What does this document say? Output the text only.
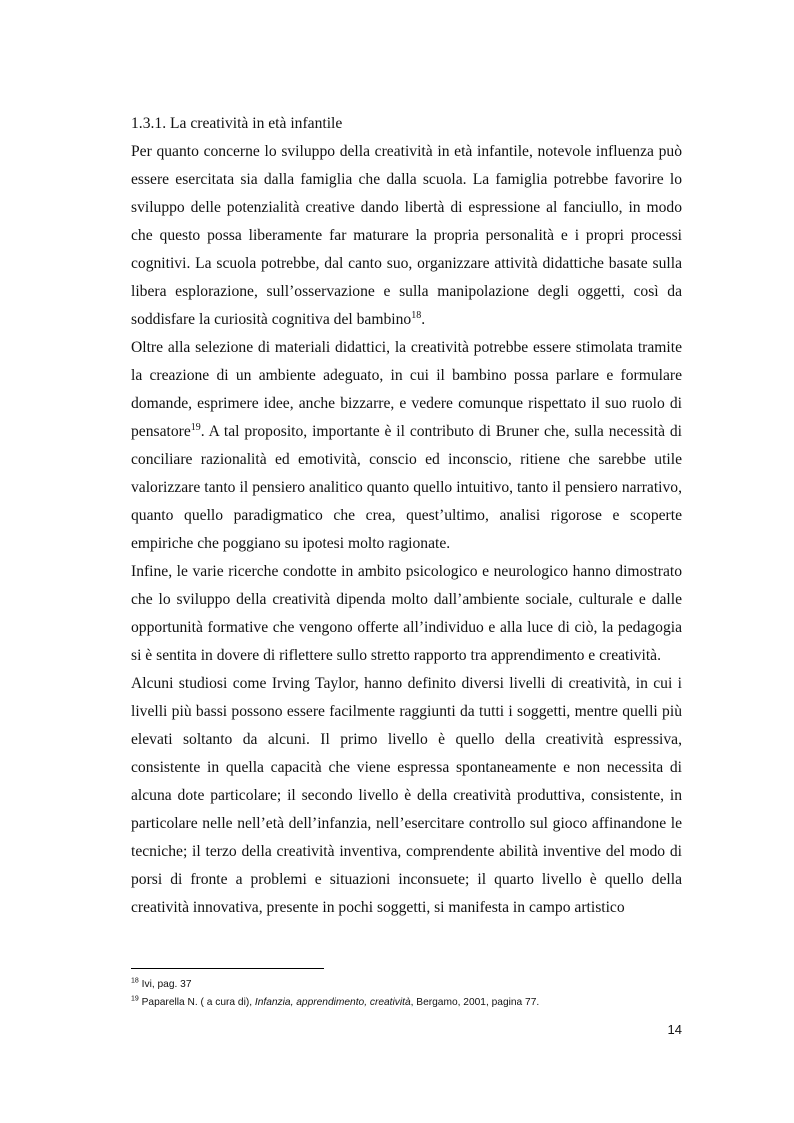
1.3.1. La creatività in età infantile

Per quanto concerne lo sviluppo della creatività in età infantile, notevole influenza può essere esercitata sia dalla famiglia che dalla scuola. La famiglia potrebbe favorire lo sviluppo delle potenzialità creative dando libertà di espressione al fanciullo, in modo che questo possa liberamente far maturare la propria personalità e i propri processi cognitivi. La scuola potrebbe, dal canto suo, organizzare attività didattiche basate sulla libera esplorazione, sull’osservazione e sulla manipolazione degli oggetti, così da soddisfare la curiosità cognitiva del bambino$^{18}$.

Oltre alla selezione di materiali didattici, la creatività potrebbe essere stimolata tramite la creazione di un ambiente adeguato, in cui il bambino possa parlare e formulare domande, esprimere idee, anche bizzarre, e vedere comunque rispettato il suo ruolo di pensatore$^{19}$. A tal proposito, importante è il contributo di Bruner che, sulla necessità di conciliare razionalità ed emotività, conscio ed inconscio, ritiene che sarebbe utile valorizzare tanto il pensiero analitico quanto quello intuitivo, tanto il pensiero narrativo, quanto quello paradigmatico che crea, quest’ultimo, analisi rigorose e scoperte empiriche che poggiano su ipotesi molto ragionate.

Infine, le varie ricerche condotte in ambito psicologico e neurologico hanno dimostrato che lo sviluppo della creatività dipenda molto dall’ambiente sociale, culturale e dalle opportunità formative che vengono offerte all’individuo e alla luce di ciò, la pedagogia si è sentita in dovere di riflettere sullo stretto rapporto tra apprendimento e creatività.

Alcuni studiosi come Irving Taylor, hanno definito diversi livelli di creatività, in cui i livelli più bassi possono essere facilmente raggiunti da tutti i soggetti, mentre quelli più elevati soltanto da alcuni. Il primo livello è quello della creatività espressiva, consistente in quella capacità che viene espressa spontaneamente e non necessita di alcuna dote particolare; il secondo livello è della creatività produttiva, consistente, in particolare nelle nell’età dell’infanzia, nell’esercitare controllo sul gioco affinandone le tecniche; il terzo della creatività inventiva, comprendente abilità inventive del modo di porsi di fronte a problemi e situazioni inconsuete; il quarto livello è quello della creatività innovativa, presente in pochi soggetti, si manifesta in campo artistico

$^{18}$ Ivi, pag. 37

$^{19}$ Paparella N. ( a cura di), Infanzia, apprendimento, creatività, Bergamo, 2001, pagina 77.

14
